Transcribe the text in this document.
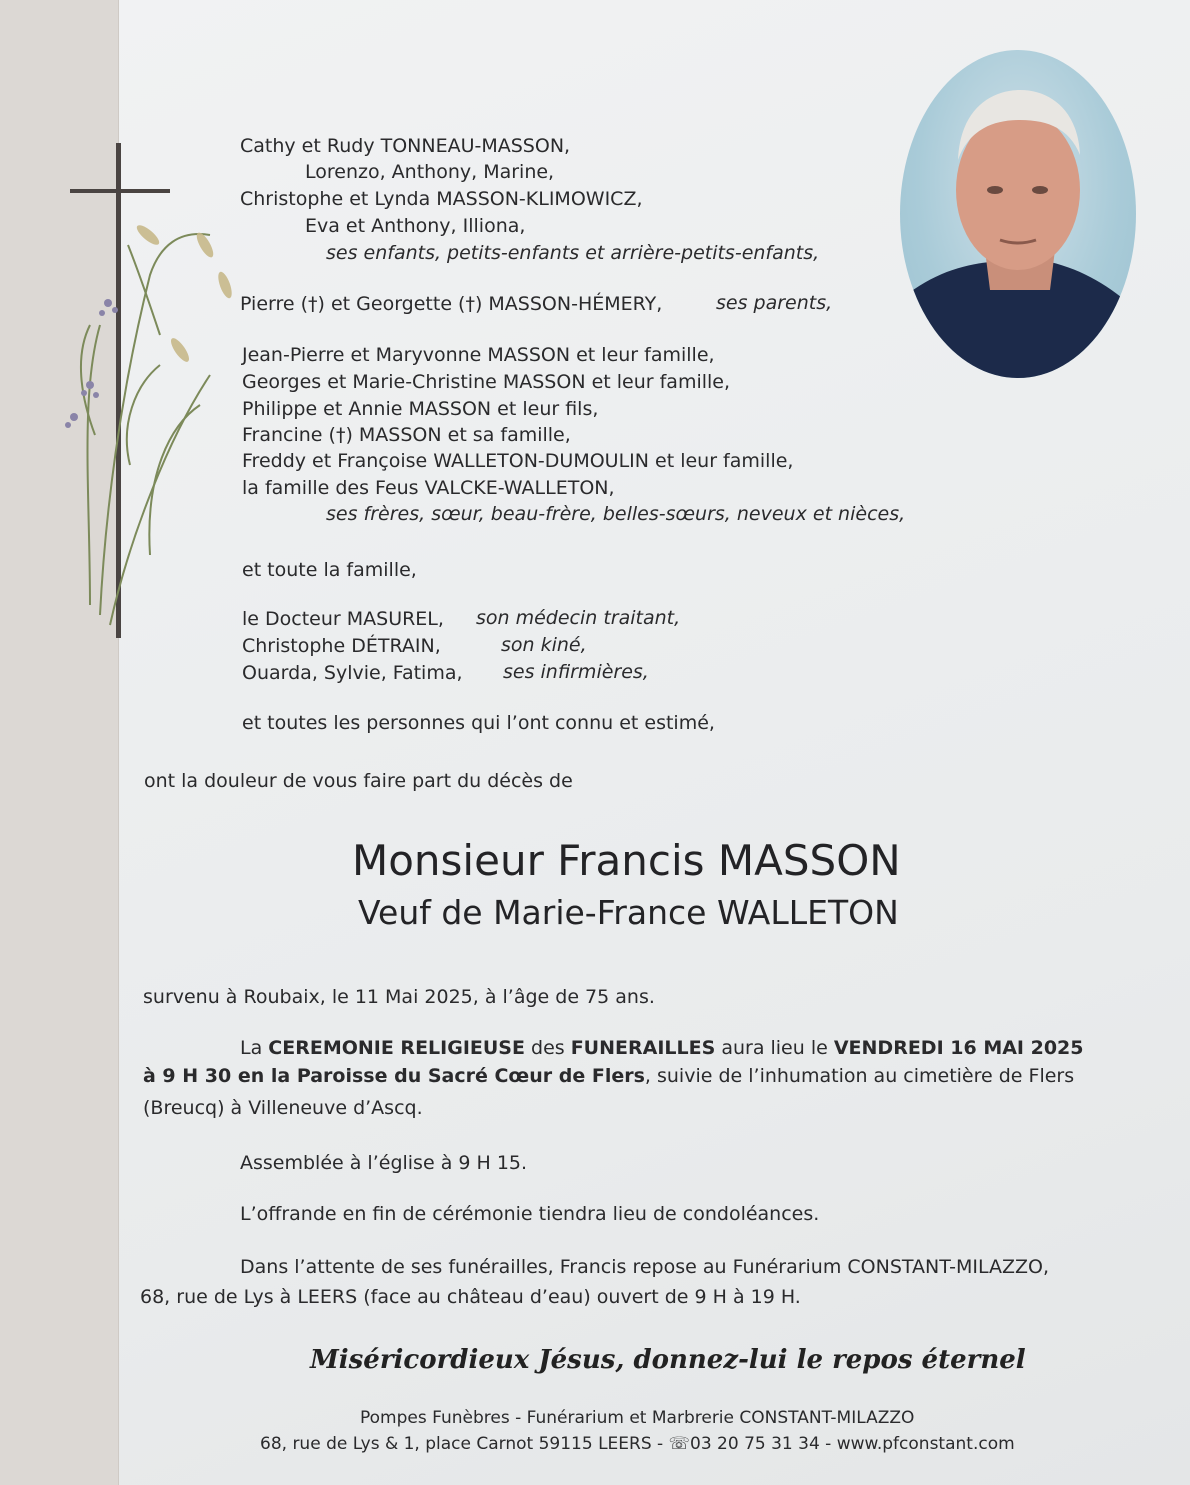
Cathy et Rudy TONNEAU-MASSON,
Lorenzo, Anthony, Marine,
Christophe et Lynda MASSON-KLIMOWICZ,
Eva et Anthony, Illiona,
ses enfants, petits-enfants et arrière-petits-enfants,
Pierre (†) et Georgette (†) MASSON-HÉMERY,	ses parents,
Jean-Pierre et Maryvonne MASSON et leur famille,
Georges et Marie-Christine MASSON et leur famille,
Philippe et Annie MASSON et leur fils,
Francine (†) MASSON et sa famille,
Freddy et Françoise WALLETON-DUMOULIN et leur famille,
la famille des Feus VALCKE-WALLETON,
ses frères, sœur, beau-frère, belles-sœurs, neveux et nièces,
et toute la famille,
le Docteur MASUREL, son médecin traitant,
Christophe DÉTRAIN,	son kiné,
Ouarda, Sylvie, Fatima, ses infirmières,
et toutes les personnes qui l’ont connu et estimé,
ont la douleur de vous faire part du décès de
Monsieur Francis MASSON
Veuf de Marie-France WALLETON
survenu à Roubaix, le 11 Mai 2025, à l’âge de 75 ans.
La CEREMONIE RELIGIEUSE des FUNERAILLES aura lieu le VENDREDI 16 MAI 2025
à 9 H 30 en la Paroisse du Sacré Cœur de Flers, suivie de l’inhumation au cimetière de Flers
(Breucq) à Villeneuve d’Ascq.
Assemblée à l’église à 9 H 15.
L’offrande en fin de cérémonie tiendra lieu de condoléances.
Dans l’attente de ses funérailles, Francis repose au Funérarium CONSTANT-MILAZZO,
68, rue de Lys à LEERS (face au château d’eau) ouvert de 9 H à 19 H.
Miséricordieux Jésus, donnez-lui le repos éternel
Pompes Funèbres - Funérarium et Marbrerie CONSTANT-MILAZZO
68, rue de Lys & 1, place Carnot 59115 LEERS - ☏ 03 20 75 31 34 - www.pfconstant.com
